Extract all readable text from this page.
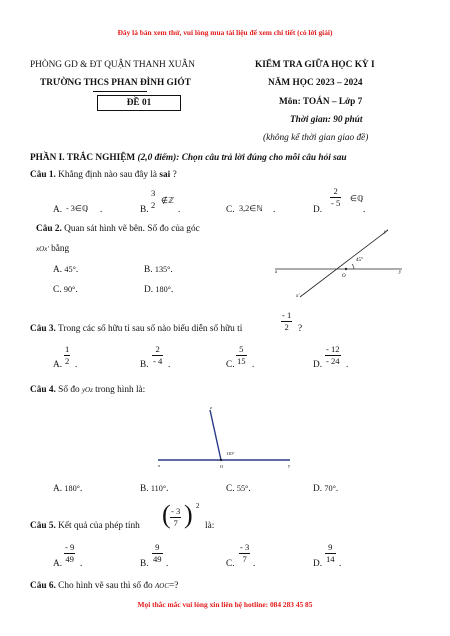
Đây là bản xem thử, vui lòng mua tài liệu để xem chi tiết (có lời giải)
PHÒNG GD & ĐT QUẬN THANH XUÂN
TRƯỜNG THCS PHAN ĐÌNH GIÓT
ĐỀ 01
KIỂM TRA GIỮA HỌC KỲ I
NĂM HỌC 2023 – 2024
Môn: TOÁN – Lớp 7
Thời gian: 90 phút
(không kể thời gian giao đề)
PHẦN I. TRẮC NGHIỆM (2,0 điểm): Chọn câu trả lời đúng cho mỗi câu hỏi sau
Câu 1. Khẳng định nào sau đây là sai ?
A. - 3∈ℚ .	B.
3
2 ∉ℤ
.	C. 3,2∈ℕ .	D.
$\frac{2}{- 5}$ ∈ℚ
.
Câu 2. Quan sát hình vẽ bên. Số đo của góc
xOx' bằng
A. 45°.	B. 135°.
C. 90°.	D. 180°.
x
O
y
y'
x'
45°
Câu 3. Trong các số hữu tỉ sau số nào biểu diễn số hữu tỉ	$\frac{- 1}{2}$ ?
A. $\frac{1}{2}$ .	B. $\frac{2}{- 4}$ .	C. $\frac{5}{15}$ .	D. $\frac{- 12}{- 24}$ .
Câu 4. Số đo yOz trong hình là:
z
x	O	y
110°
A. 180°.	B. 110°.	C. 55°.	D. 70°.
Câu 5. Kết quả của phép tính ( $\frac{- 3}{7}$ ) 2
là:
A.
$\frac{- 9}{49}$
.	B.
$\frac{9}{49}$
.	C.
$\frac{- 3}{7}$
.	D.
$\frac{9}{14}$
.
Câu 6. Cho hình vẽ sau thì số đo AOC=?
Mọi thắc mắc vui lòng xin liên hệ hotline: 084 283 45 85
